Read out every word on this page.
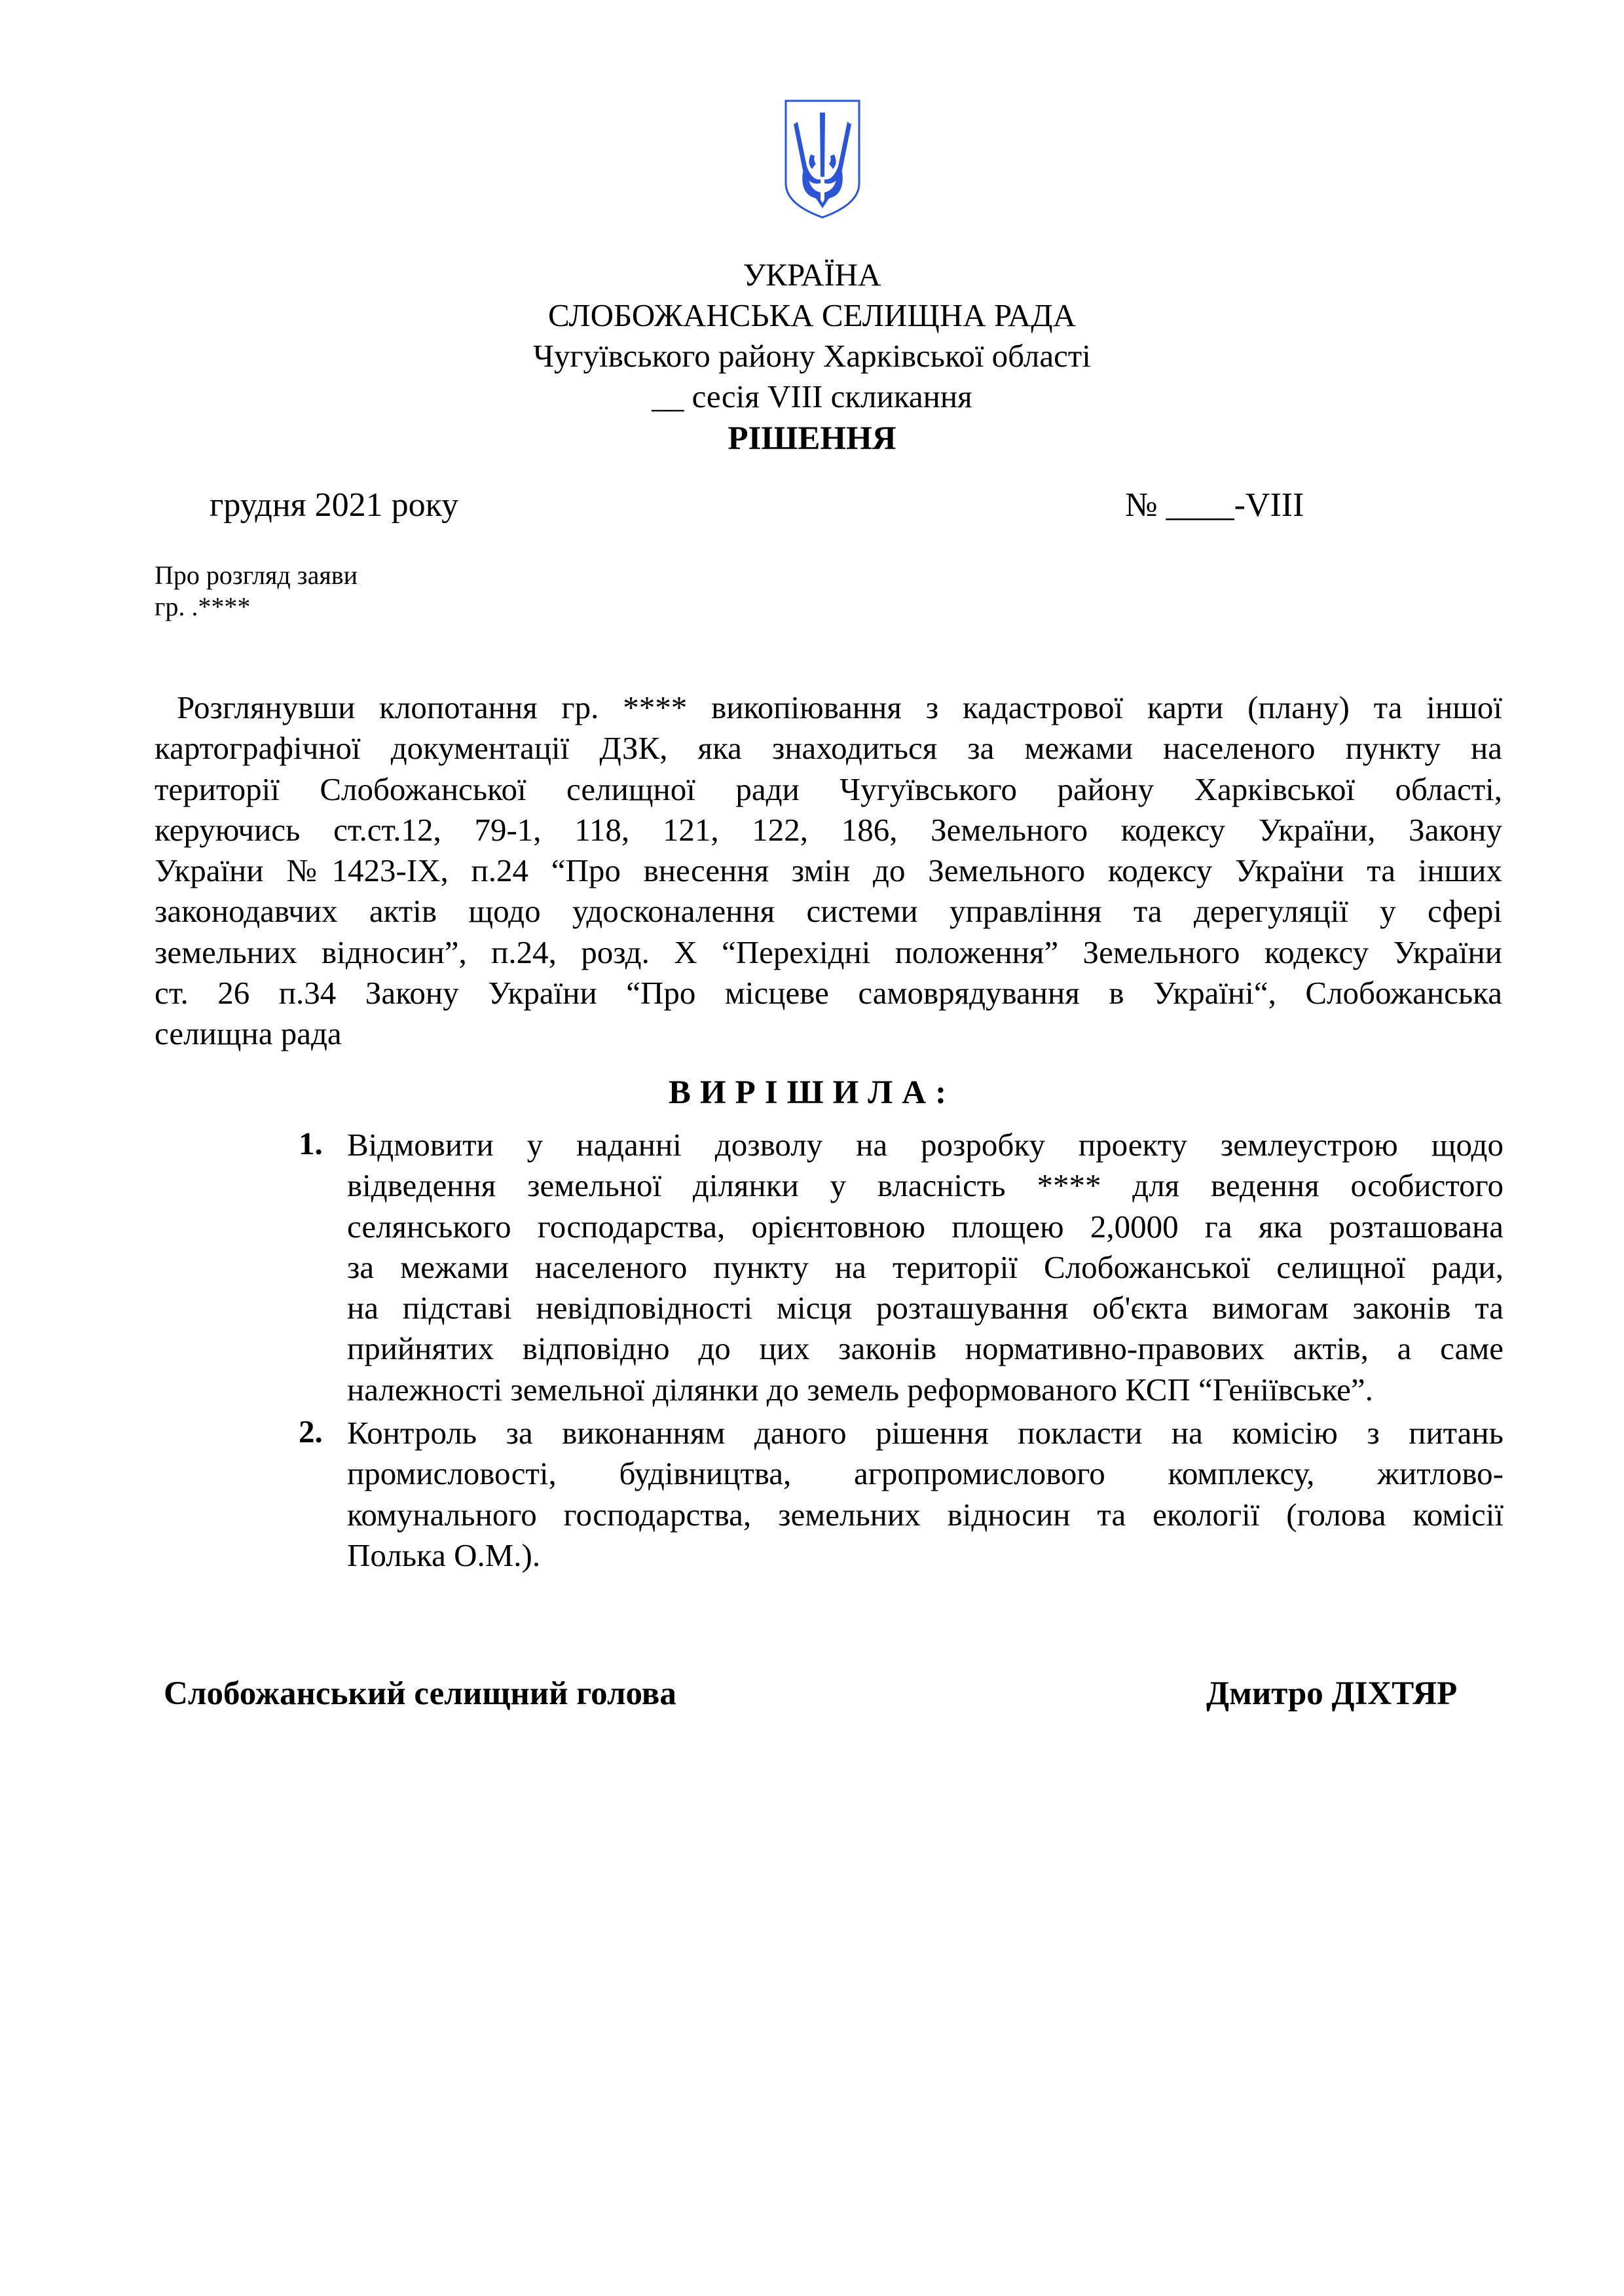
УКРАЇНА
СЛОБОЖАНСЬКА СЕЛИЩНА РАДА
Чугуївського району Харківської області
__ сесія VIII скликання
РІШЕННЯ
грудня 2021 року	№ ____-VIII
Про розгляд заяви
гр. .****
Розглянувши клопотання гр. **** викопіювання з кадастрової карти (плану) та іншої
картографічної документації ДЗК, яка знаходиться за межами населеного пункту на
території Слобожанської селищної ради Чугуївського району Харківської області,
керуючись ст.ст.12, 79-1, 118, 121, 122, 186, Земельного кодексу України, Закону
України №1423-IX, п.24 “Про внесення змін до Земельного кодексу України та інших
законодавчих актів щодо удосконалення системи управління та дерегуляції у сфері
земельних відносин”, п.24, розд. X “Перехідні положення” Земельного кодексу України
ст. 26 п.34 Закону України “Про місцеве самоврядування в Україні“, Слобожанська
селищна рада
ВИРІШИЛА:
1. Відмовити у наданні дозволу на розробку проекту землеустрою щодо
відведення земельної ділянки у власність **** для ведення особистого
селянського господарства, орієнтовною площею 2,0000 га яка розташована
за межами населеного пункту на території Слобожанської селищної ради,
на підставі невідповідності місця розташування об'єкта вимогам законів та
прийнятих відповідно до цих законів нормативно-правових актів, а саме
належності земельної ділянки до земель реформованого КСП “Геніївське”.
2. Контроль за виконанням даного рішення покласти на комісію з питань
промисловості, будівництва, агропромислового комплексу, житлово-
комунального господарства, земельних відносин та екології (голова комісії
Полька О.М.).
Слобожанський селищний голова	Дмитро ДІХТЯР
